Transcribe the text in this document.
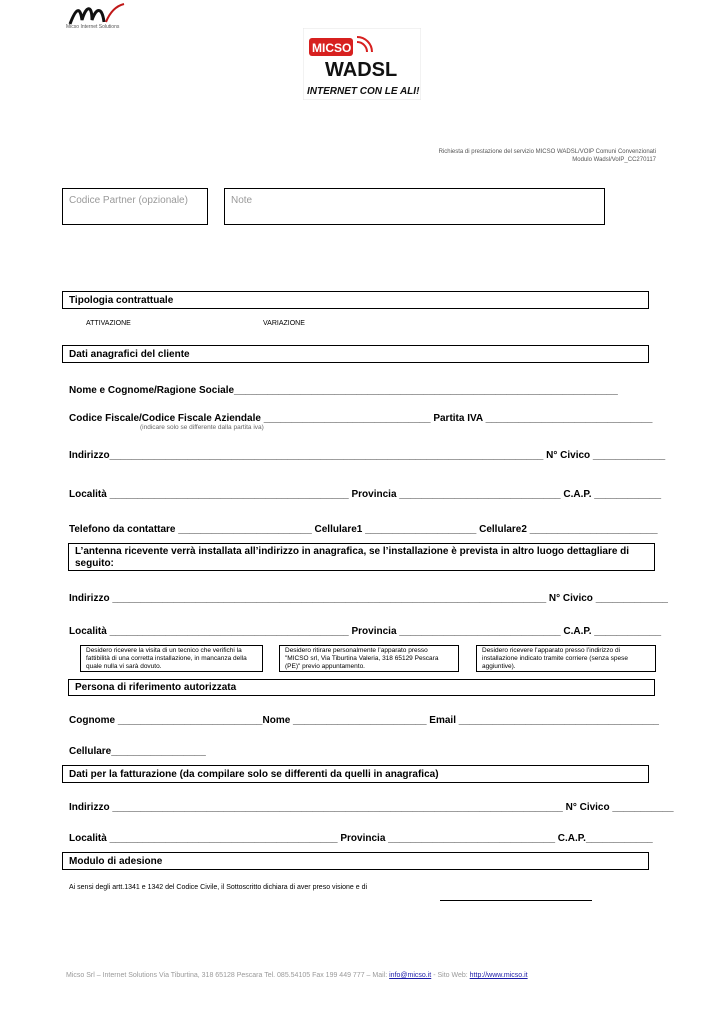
Micso Internet Solutions
MICSO
WADSL
INTERNET CON LE ALI!
Richiesta di prestazione del servizio MICSO WADSL/VOIP Comuni Convenzionati
Modulo Wadsl/VoIP_CC270117
Codice Partner (opzionale)	Note
Tipologia contrattuale
ATTIVAZIONE	VARIAZIONE
Dati anagrafici del cliente
Nome e Cognome/Ragione Sociale_____________________________________________________________________
Codice Fiscale/Codice Fiscale Aziendale ______________________________ Partita IVA ______________________________
(indicare solo se differente dalla partita iva)
Indirizzo______________________________________________________________________________ N° Civico _____________
Località ___________________________________________ Provincia _____________________________ C.A.P. ____________
Telefono da contattare ________________________ Cellulare1 ____________________ Cellulare2 _______________________
L’antenna ricevente verrà installata all’indirizzo in anagrafica, se l’installazione è prevista in altro luogo dettagliare di
seguito:
Indirizzo ______________________________________________________________________________ N° Civico _____________
Località ___________________________________________ Provincia _____________________________ C.A.P. ____________
Desidero ricevere la visita di un tecnico che verifichi la fattibilità di una corretta installazione, in mancanza della quale nulla vi sarà dovuto.
Desidero ritirare personalmente l’apparato presso "MICSO srl, Via Tiburtina Valeria, 318 65129 Pescara (PE)" previo appuntamento.
Desidero ricevere l’apparato presso l’indirizzo di installazione indicato tramite corriere (senza spese aggiuntive).
Persona di riferimento autorizzata
Cognome __________________________Nome ________________________ Email ____________________________________
Cellulare_________________
Dati per la fatturazione (da compilare solo se differenti da quelli in anagrafica)
Indirizzo _________________________________________________________________________________ N° Civico ___________
Località _________________________________________ Provincia ______________________________ C.A.P.____________
Modulo di adesione
Ai sensi degli artt.1341 e 1342 del Codice Civile, il Sottoscritto dichiara di aver preso visione e di
Micso Srl – Internet Solutions Via Tiburtina, 318 65128 Pescara Tel. 085.54105 Fax 199 449 777 – Mail: info@micso.it - Sito Web: http://www.micso.it
